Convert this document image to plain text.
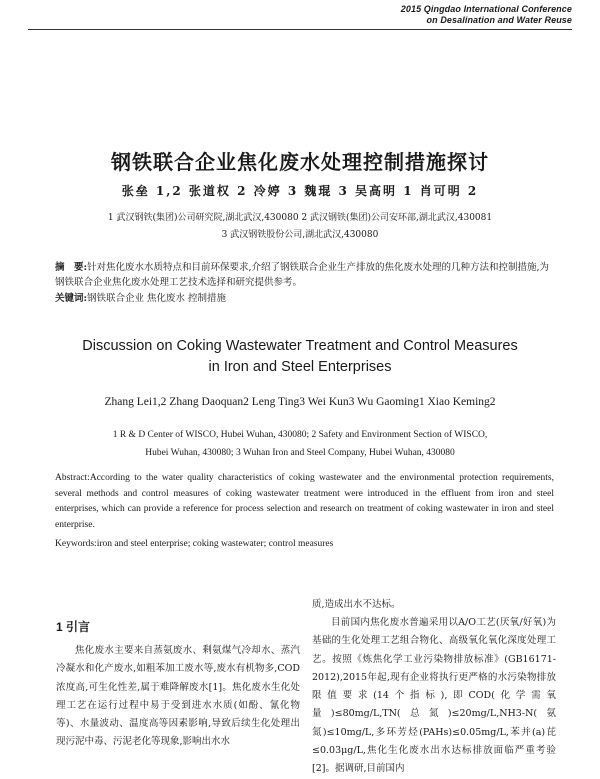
2015 Qingdao International Conference
on Desalination and Water Reuse
钢铁联合企业焦化废水处理控制措施探讨
张垒 1,2 张道权 2 冷婷 3 魏琨 3 吴高明 1 肖可明 2
1 武汉钢铁(集团)公司研究院,湖北武汉,430080 2 武汉钢铁(集团)公司安环部,湖北武汉,430081
3 武汉钢铁股份公司,湖北武汉,430080
摘　要:针对焦化废水水质特点和目前环保要求,介绍了钢铁联合企业生产排放的焦化废水处理的几种方法和控制措施,为钢铁联合企业焦化废水处理工艺技术选择和研究提供参考。
关键词:钢铁联合企业 焦化废水 控制措施
Discussion on Coking Wastewater Treatment and Control Measures
in Iron and Steel Enterprises
Zhang Lei1,2 Zhang Daoquan2 Leng Ting3 Wei Kun3 Wu Gaoming1 Xiao Keming2
1 R & D Center of WISCO, Hubei Wuhan, 430080; 2 Safety and Environment Section of WISCO,
Hubei Wuhan, 430080; 3 Wuhan Iron and Steel Company, Hubei Wuhan, 430080
Abstract:According to the water quality characteristics of coking wastewater and the environmental protection requirements, several methods and control measures of coking wastewater treatment were introduced in the effluent from iron and steel enterprises, which can provide a reference for process selection and research on treatment of coking wastewater in iron and steel enterprise.
Keywords:iron and steel enterprise; coking wastewater; control measures
1 引言
焦化废水主要来自蒸氨废水、剩氨煤气冷却水、蒸汽冷凝水和化产废水,如粗苯加工废水等,废水有机物多,COD浓度高,可生化性差,属于难降解废水[1]。焦化废水生化处理工艺在运行过程中易于受到进水水质(如酚、氰化物等)、水量波动、温度高等因素影响,导致后续生化处理出现污泥中毒、污泥老化等现象,影响出水水
质,造成出水不达标。
目前国内焦化废水普遍采用以A/O工艺(厌氧/好氧)为基础的生化处理工艺组合物化、高级氧化氧化深度处理工艺。按照《炼焦化学工业污染物排放标准》(GB16171-2012),2015年起,现有企业将执行更严格的水污染物排放限值要求(14个指标),即COD(化学需氧量)≤80mg/L,TN(总氮)≤20mg/L,NH3-N(氨氮)≤10mg/L,多环芳烃(PAHs)≤0.05mg/L,苯并(a)芘≤0.03μg/L,焦化生化废水出水达标排放面临严重考验[2]。据调研,目前国内
